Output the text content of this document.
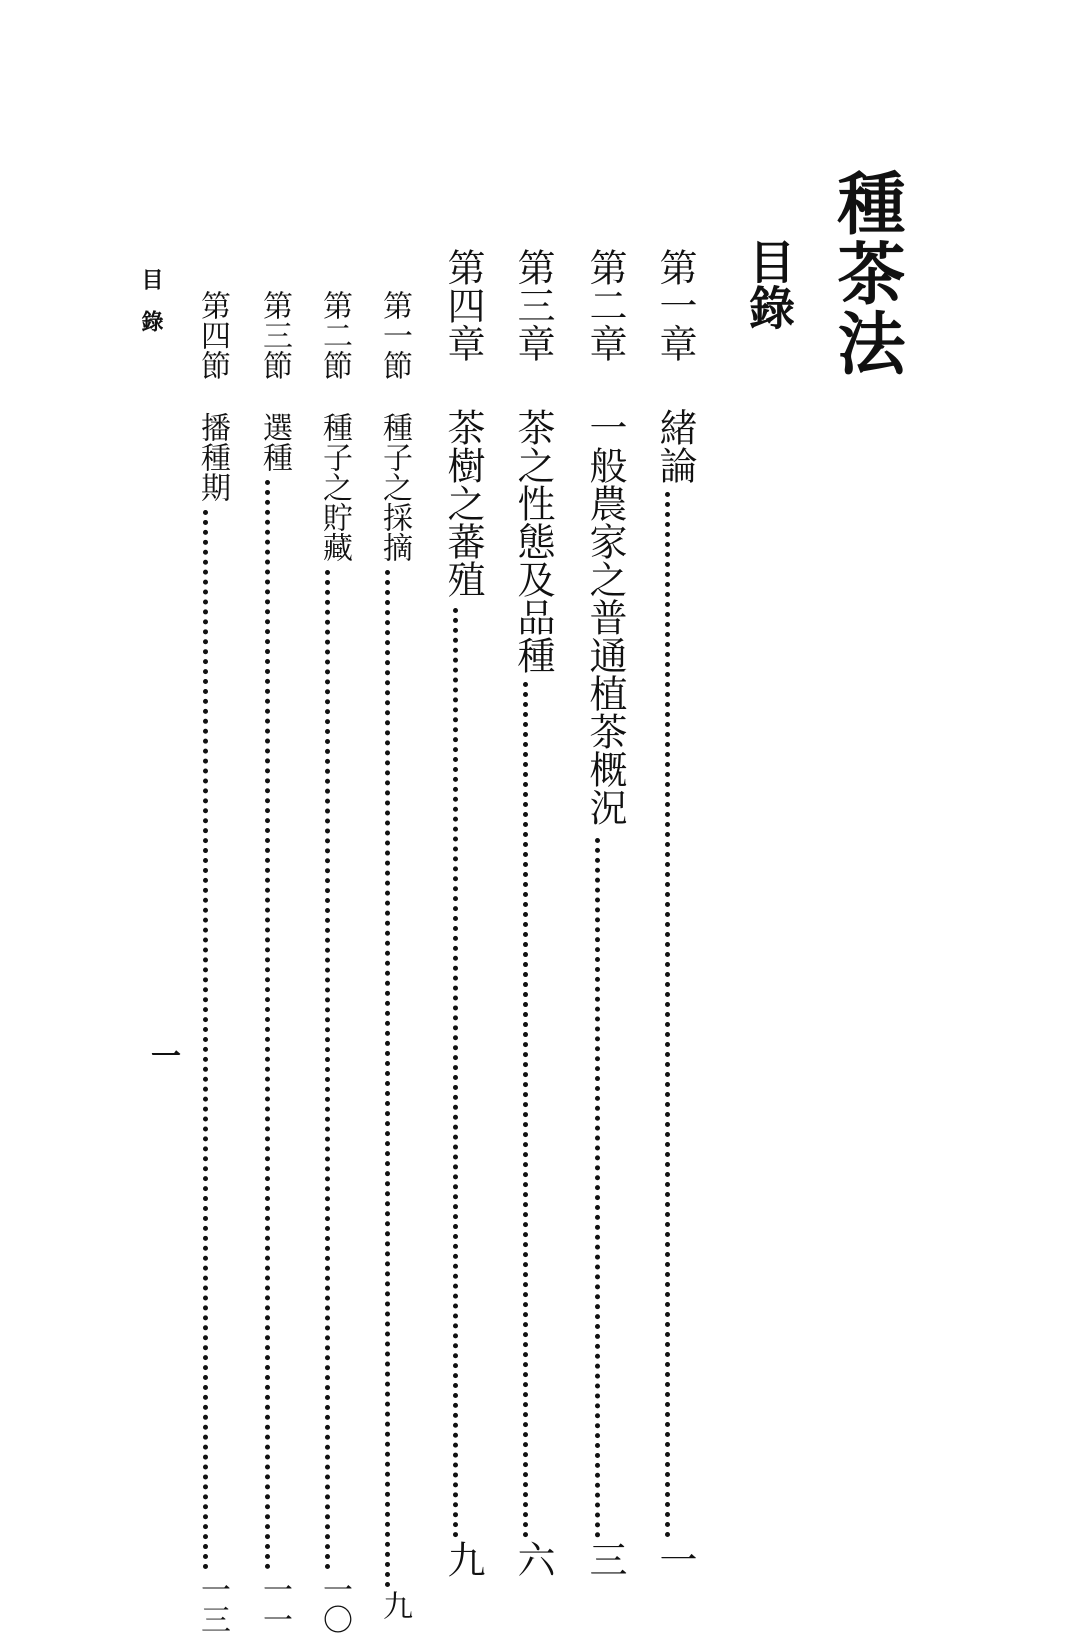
種茶法
目錄
第一章
緒論
一
第二章
一般農家之普通植茶概況
三
第三章
茶之性態及品種
六
第四章
茶樹之蕃殖
九
第一節
種子之採摘
九
第二節
種子之貯藏
一〇
第三節
選種
一一
第四節
播種期
一三
目錄
一
